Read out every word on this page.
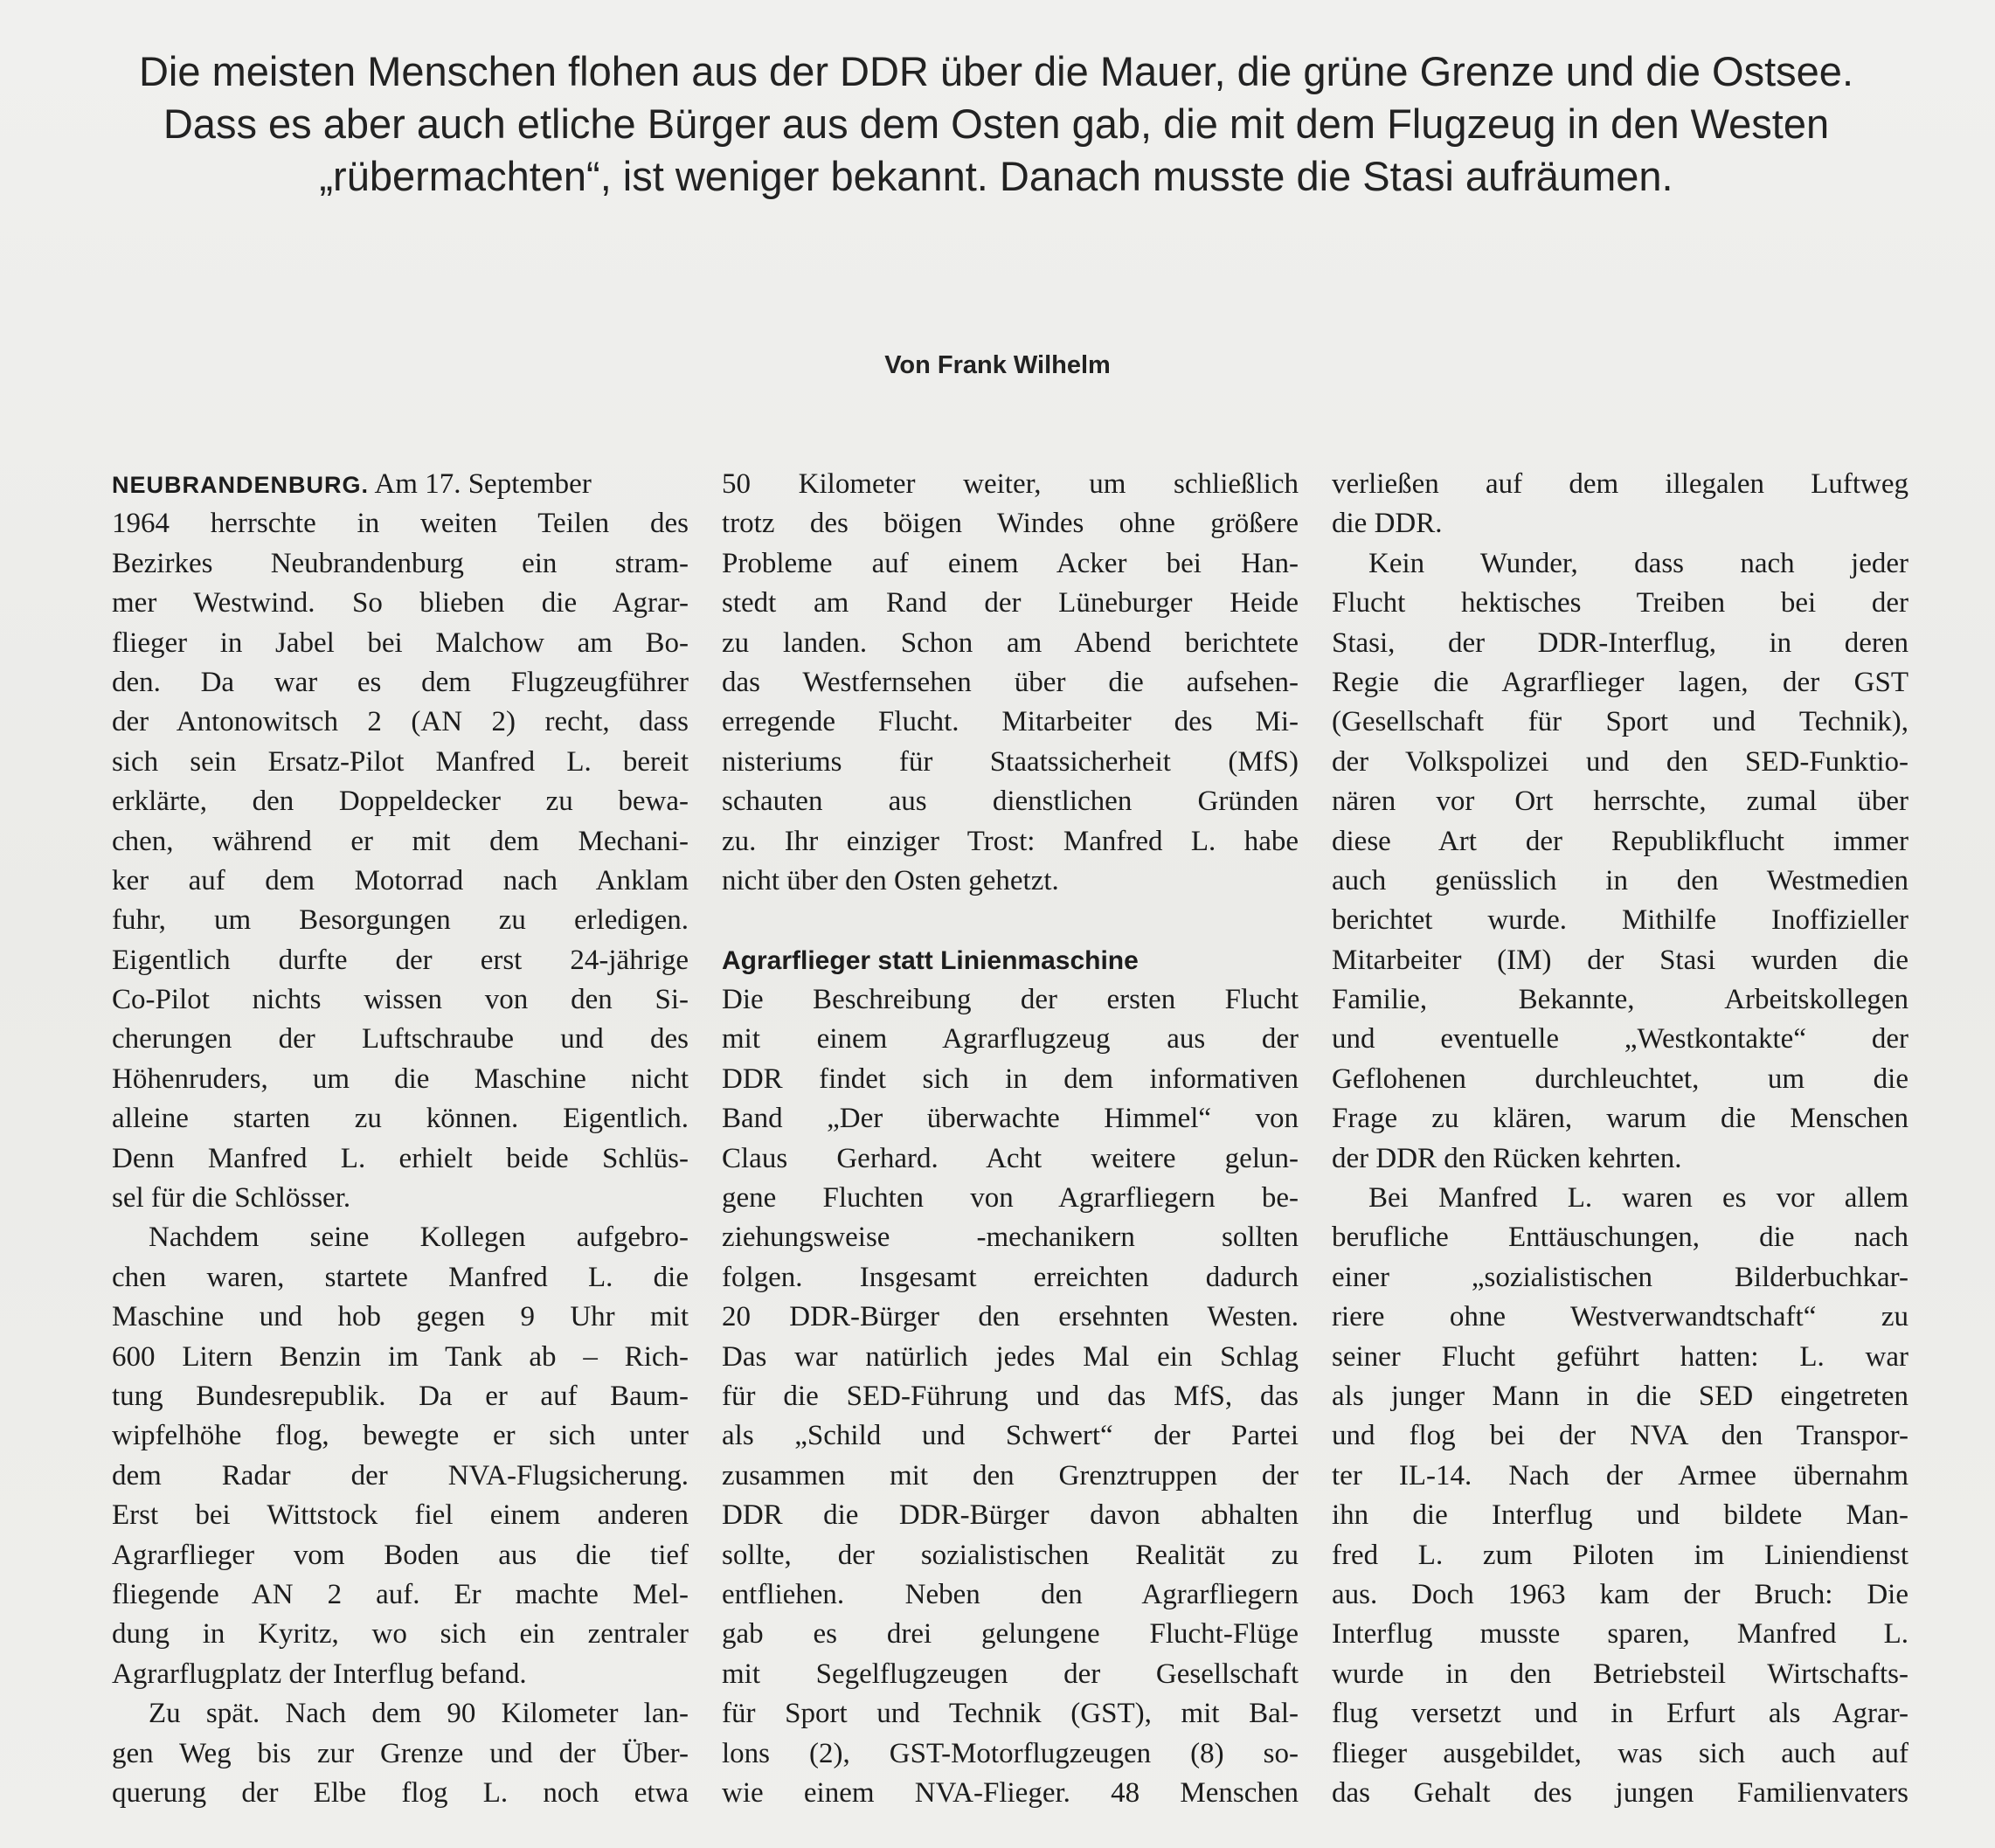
Die meisten Menschen flohen aus der DDR über die Mauer, die grüne Grenze und die Ostsee.
Dass es aber auch etliche Bürger aus dem Osten gab, die mit dem Flugzeug in den Westen
„rübermachten“, ist weniger bekannt. Danach musste die Stasi aufräumen.
Von Frank Wilhelm
NEUBRANDENBURG. Am 17. September
1964 herrschte in weiten Teilen des
Bezirkes Neubrandenburg ein stram-
mer Westwind. So blieben die Agrar-
flieger in Jabel bei Malchow am Bo-
den. Da war es dem Flugzeugführer
der Antonowitsch 2 (AN 2) recht, dass
sich sein Ersatz-Pilot Manfred L. bereit
erklärte, den Doppeldecker zu bewa-
chen, während er mit dem Mechani-
ker auf dem Motorrad nach Anklam
fuhr, um Besorgungen zu erledigen.
Eigentlich durfte der erst 24-jährige
Co-Pilot nichts wissen von den Si-
cherungen der Luftschraube und des
Höhenruders, um die Maschine nicht
alleine starten zu können. Eigentlich.
Denn Manfred L. erhielt beide Schlüs-
sel für die Schlösser.
Nachdem seine Kollegen aufgebro-
chen waren, startete Manfred L. die
Maschine und hob gegen 9 Uhr mit
600 Litern Benzin im Tank ab – Rich-
tung Bundesrepublik. Da er auf Baum-
wipfelhöhe flog, bewegte er sich unter
dem Radar der NVA-Flugsicherung.
Erst bei Wittstock fiel einem anderen
Agrarflieger vom Boden aus die tief
fliegende AN 2 auf. Er machte Mel-
dung in Kyritz, wo sich ein zentraler
Agrarflugplatz der Interflug befand.
Zu spät. Nach dem 90 Kilometer lan-
gen Weg bis zur Grenze und der Über-
querung der Elbe flog L. noch etwa
50 Kilometer weiter, um schließlich
trotz des böigen Windes ohne größere
Probleme auf einem Acker bei Han-
stedt am Rand der Lüneburger Heide
zu landen. Schon am Abend berichtete
das Westfernsehen über die aufsehen-
erregende Flucht. Mitarbeiter des Mi-
nisteriums für Staatssicherheit (MfS)
schauten aus dienstlichen Gründen
zu. Ihr einziger Trost: Manfred L. habe
nicht über den Osten gehetzt.
Agrarflieger statt Linienmaschine
Die Beschreibung der ersten Flucht
mit einem Agrarflugzeug aus der
DDR findet sich in dem informativen
Band „Der überwachte Himmel“ von
Claus Gerhard. Acht weitere gelun-
gene Fluchten von Agrarfliegern be-
ziehungsweise -mechanikern sollten
folgen. Insgesamt erreichten dadurch
20 DDR-Bürger den ersehnten Westen.
Das war natürlich jedes Mal ein Schlag
für die SED-Führung und das MfS, das
als „Schild und Schwert“ der Partei
zusammen mit den Grenztruppen der
DDR die DDR-Bürger davon abhalten
sollte, der sozialistischen Realität zu
entfliehen. Neben den Agrarfliegern
gab es drei gelungene Flucht-Flüge
mit Segelflugzeugen der Gesellschaft
für Sport und Technik (GST), mit Bal-
lons (2), GST-Motorflugzeugen (8) so-
wie einem NVA-Flieger. 48 Menschen
verließen auf dem illegalen Luftweg
die DDR.
Kein Wunder, dass nach jeder
Flucht hektisches Treiben bei der
Stasi, der DDR-Interflug, in deren
Regie die Agrarflieger lagen, der GST
(Gesellschaft für Sport und Technik),
der Volkspolizei und den SED-Funktio-
nären vor Ort herrschte, zumal über
diese Art der Republikflucht immer
auch genüsslich in den Westmedien
berichtet wurde. Mithilfe Inoffizieller
Mitarbeiter (IM) der Stasi wurden die
Familie, Bekannte, Arbeitskollegen
und eventuelle „Westkontakte“ der
Geflohenen durchleuchtet, um die
Frage zu klären, warum die Menschen
der DDR den Rücken kehrten.
Bei Manfred L. waren es vor allem
berufliche Enttäuschungen, die nach
einer „sozialistischen Bilderbuchkar-
riere ohne Westverwandtschaft“ zu
seiner Flucht geführt hatten: L. war
als junger Mann in die SED eingetreten
und flog bei der NVA den Transpor-
ter IL-14. Nach der Armee übernahm
ihn die Interflug und bildete Man-
fred L. zum Piloten im Liniendienst
aus. Doch 1963 kam der Bruch: Die
Interflug musste sparen, Manfred L.
wurde in den Betriebsteil Wirtschafts-
flug versetzt und in Erfurt als Agrar-
flieger ausgebildet, was sich auch auf
das Gehalt des jungen Familienvaters
